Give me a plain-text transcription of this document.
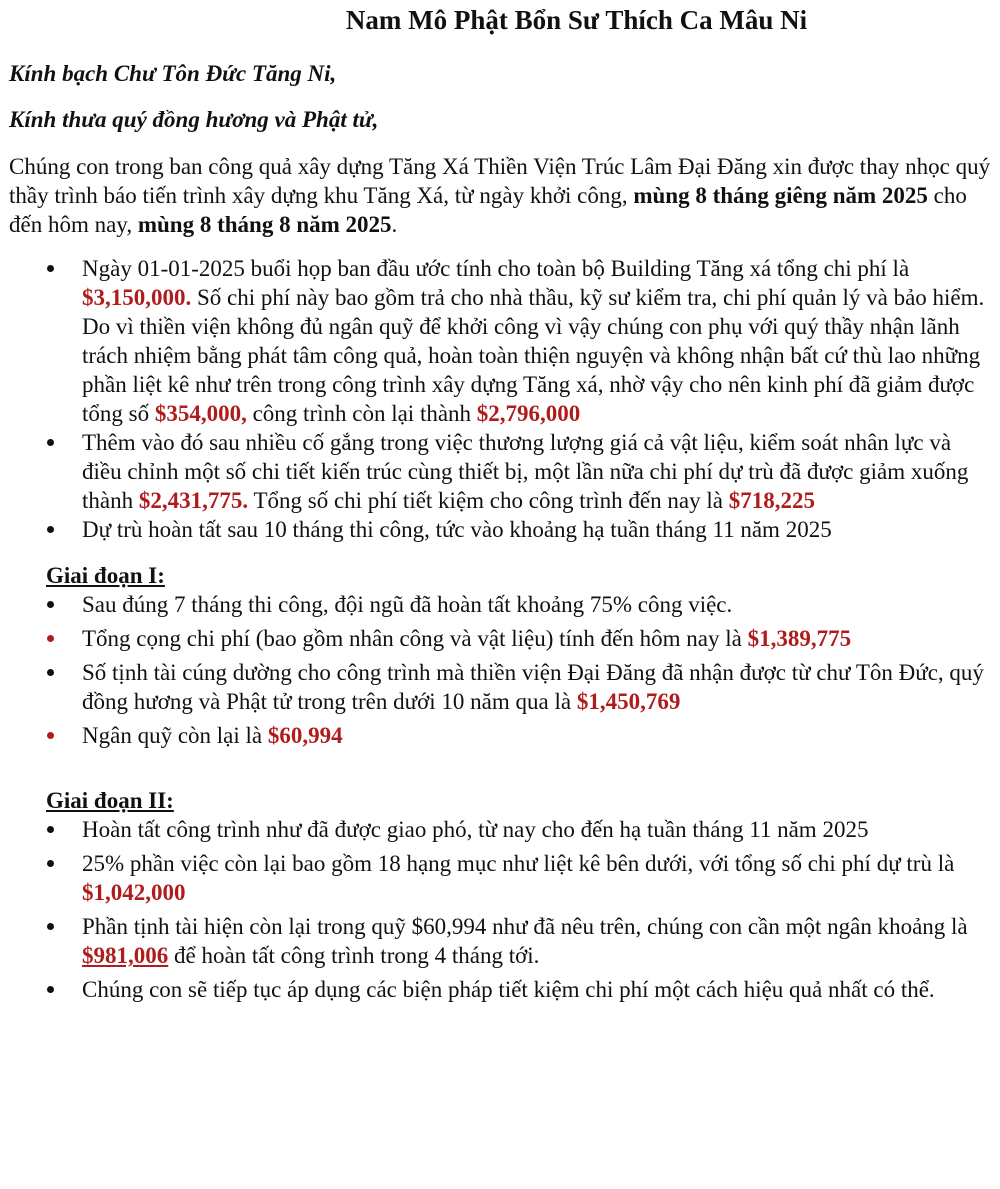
Nam Mô Phật Bổn Sư Thích Ca Mâu Ni

Kính bạch Chư Tôn Đức Tăng Ni,

Kính thưa quý đồng hương và Phật tử,

Chúng con trong ban công quả xây dựng Tăng Xá Thiền Viện Trúc Lâm Đại Đăng xin được thay nhọc quý thầy trình báo tiến trình xây dựng khu Tăng Xá, từ ngày khởi công, mùng 8 tháng giêng năm 2025 cho đến hôm nay, mùng 8 tháng 8 năm 2025.

Ngày 01-01-2025 buổi họp ban đầu ước tính cho toàn bộ Building Tăng xá tổng chi phí là $3,150,000. Số chi phí này bao gồm trả cho nhà thầu, kỹ sư kiểm tra, chi phí quản lý và bảo hiểm. Do vì thiền viện không đủ ngân quỹ để khởi công vì vậy chúng con phụ với quý thầy nhận lãnh trách nhiệm bằng phát tâm công quả, hoàn toàn thiện nguyện và không nhận bất cứ thù lao những phần liệt kê như trên trong công trình xây dựng Tăng xá, nhờ vậy cho nên kinh phí đã giảm được tổng số $354,000, công trình còn lại thành $2,796,000
Thêm vào đó sau nhiều cố gắng trong việc thương lượng giá cả vật liệu, kiểm soát nhân lực và điều chỉnh một số chi tiết kiến trúc cùng thiết bị, một lần nữa chi phí dự trù đã được giảm xuống thành $2,431,775. Tổng số chi phí tiết kiệm cho công trình đến nay là $718,225
Dự trù hoàn tất sau 10 tháng thi công, tức vào khoảng hạ tuần tháng 11 năm 2025

Giai đoạn I:

Sau đúng 7 tháng thi công, đội ngũ đã hoàn tất khoảng 75% công việc.
Tổng cọng chi phí (bao gồm nhân công và vật liệu) tính đến hôm nay là $1,389,775
Số tịnh tài cúng dường cho công trình mà thiền viện Đại Đăng đã nhận được từ chư Tôn Đức, quý đồng hương và Phật tử trong trên dưới 10 năm qua là $1,450,769
Ngân quỹ còn lại là $60,994

Giai đoạn II:

Hoàn tất công trình như đã được giao phó, từ nay cho đến hạ tuần tháng 11 năm 2025
25% phần việc còn lại bao gồm 18 hạng mục như liệt kê bên dưới, với tổng số chi phí dự trù là $1,042,000
Phần tịnh tài hiện còn lại trong quỹ $60,994 như đã nêu trên, chúng con cần một ngân khoảng là $981,006 để hoàn tất công trình trong 4 tháng tới.
Chúng con sẽ tiếp tục áp dụng các biện pháp tiết kiệm chi phí một cách hiệu quả nhất có thể.
